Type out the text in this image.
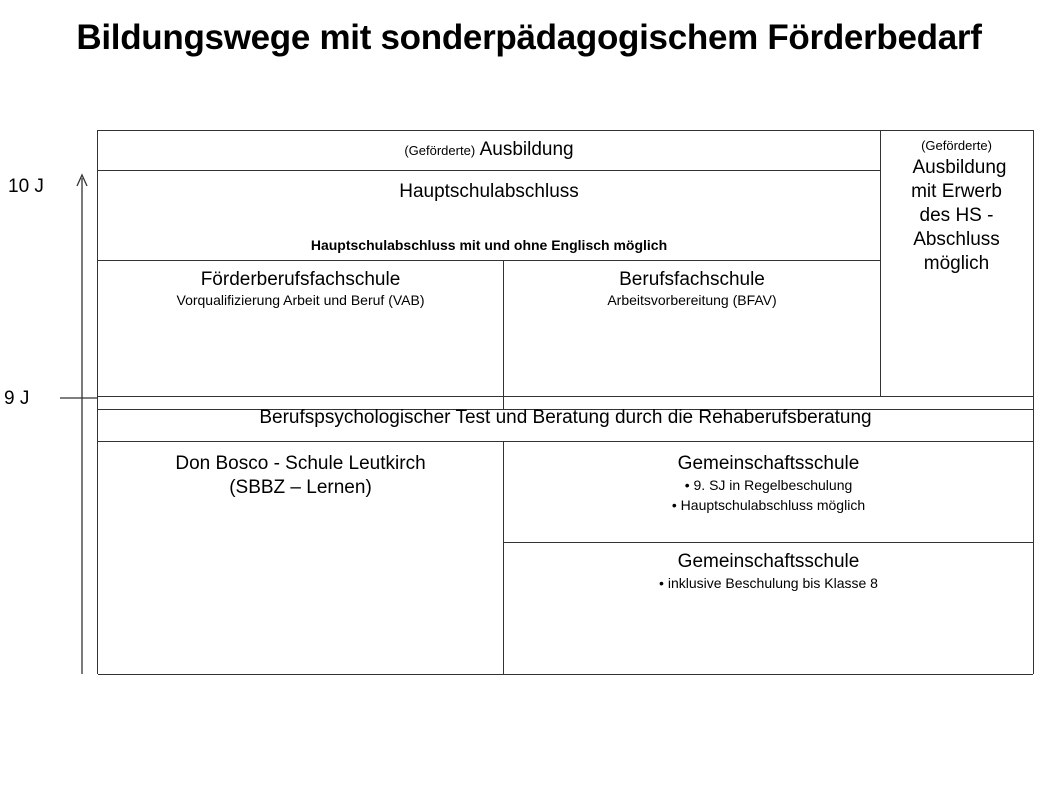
Bildungswege mit sonderpädagogischem Förderbedarf
10 J
9 J
(Geförderte) Ausbildung	(Geförderte)
Ausbildung
mit Erwerb
des HS -
Abschluss
möglich
Hauptschulabschluss
Hauptschulabschluss mit und ohne Englisch möglich
Förderberufsfachschule
Vorqualifizierung Arbeit und Beruf (VAB)
Berufsfachschule
Arbeitsvorbereitung (BFAV)
Berufspsychologischer Test und Beratung durch die Rehaberufsberatung
Don Bosco - Schule Leutkirch
(SBBZ – Lernen)
Gemeinschaftsschule
• 9. SJ in Regelbeschulung
• Hauptschulabschluss möglich
Gemeinschaftsschule
• inklusive Beschulung bis Klasse 8
